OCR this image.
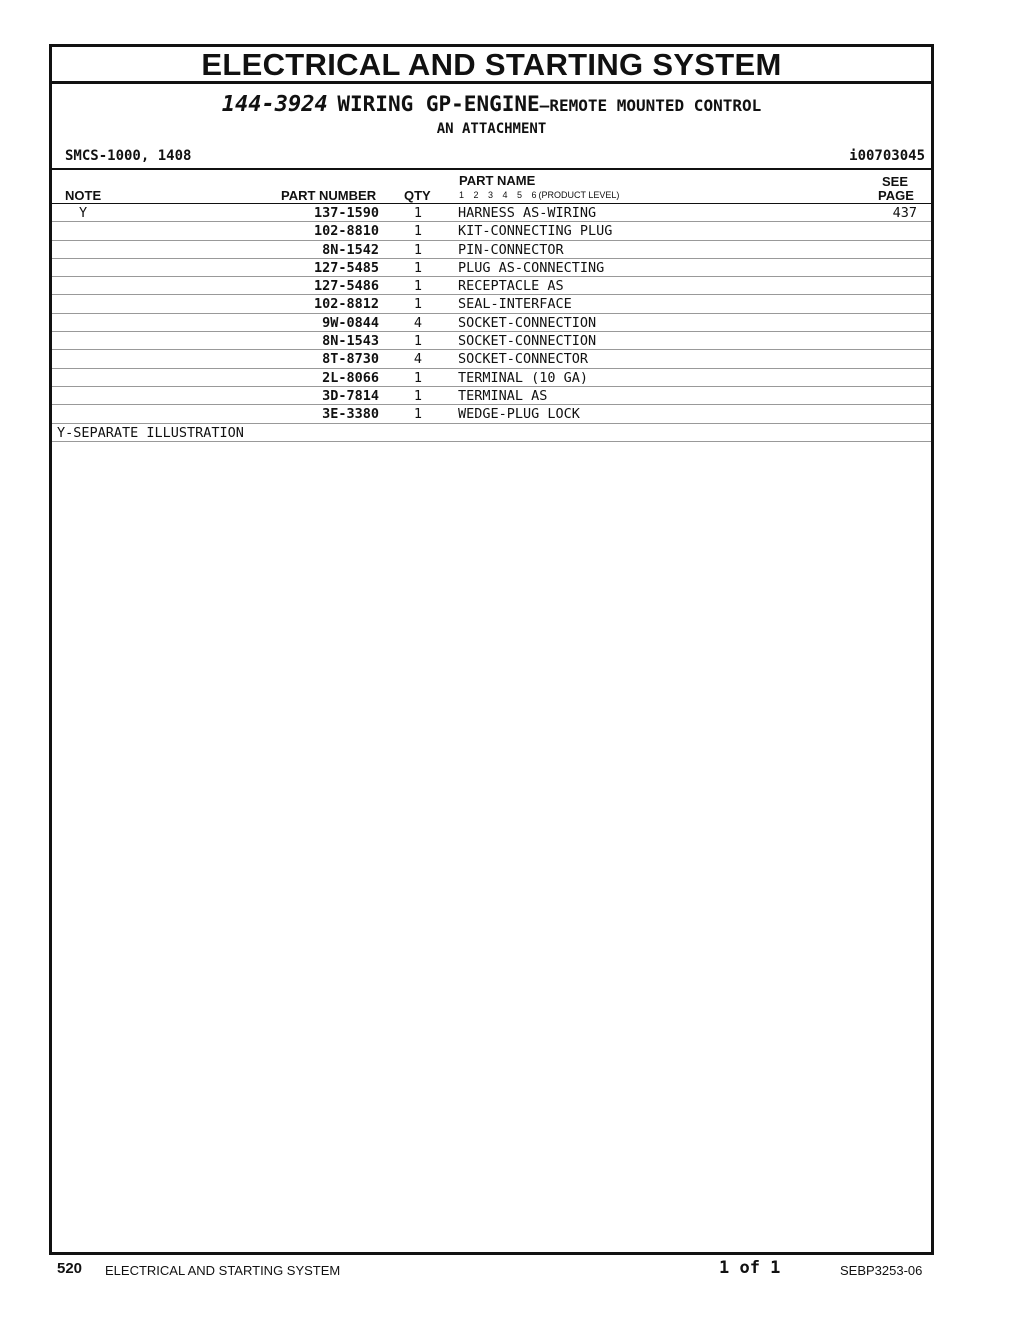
ELECTRICAL AND STARTING SYSTEM
144-3924 WIRING GP-ENGINE—REMOTE MOUNTED CONTROL
AN ATTACHMENT
SMCS-1000, 1408	i00703045
NOTE	PART NUMBER QTY
PART NAME
1 2 3 4 5 6 (PRODUCT LEVEL)
SEE
PAGE
Y	137-1590	1	HARNESS AS-WIRING	437
102-8810	1	KIT-CONNECTING PLUG
8N-1542	1	PIN-CONNECTOR
127-5485	1	PLUG AS-CONNECTING
127-5486	1	RECEPTACLE AS
102-8812	1	SEAL-INTERFACE
9W-0844	4	SOCKET-CONNECTION
8N-1543	1	SOCKET-CONNECTION
8T-8730	4	SOCKET-CONNECTOR
2L-8066	1	TERMINAL (10 GA)
3D-7814	1	TERMINAL AS
3E-3380	1	WEDGE-PLUG LOCK
Y-SEPARATE ILLUSTRATION
520 ELECTRICAL AND STARTING SYSTEM	1 of 1	SEBP3253-06
